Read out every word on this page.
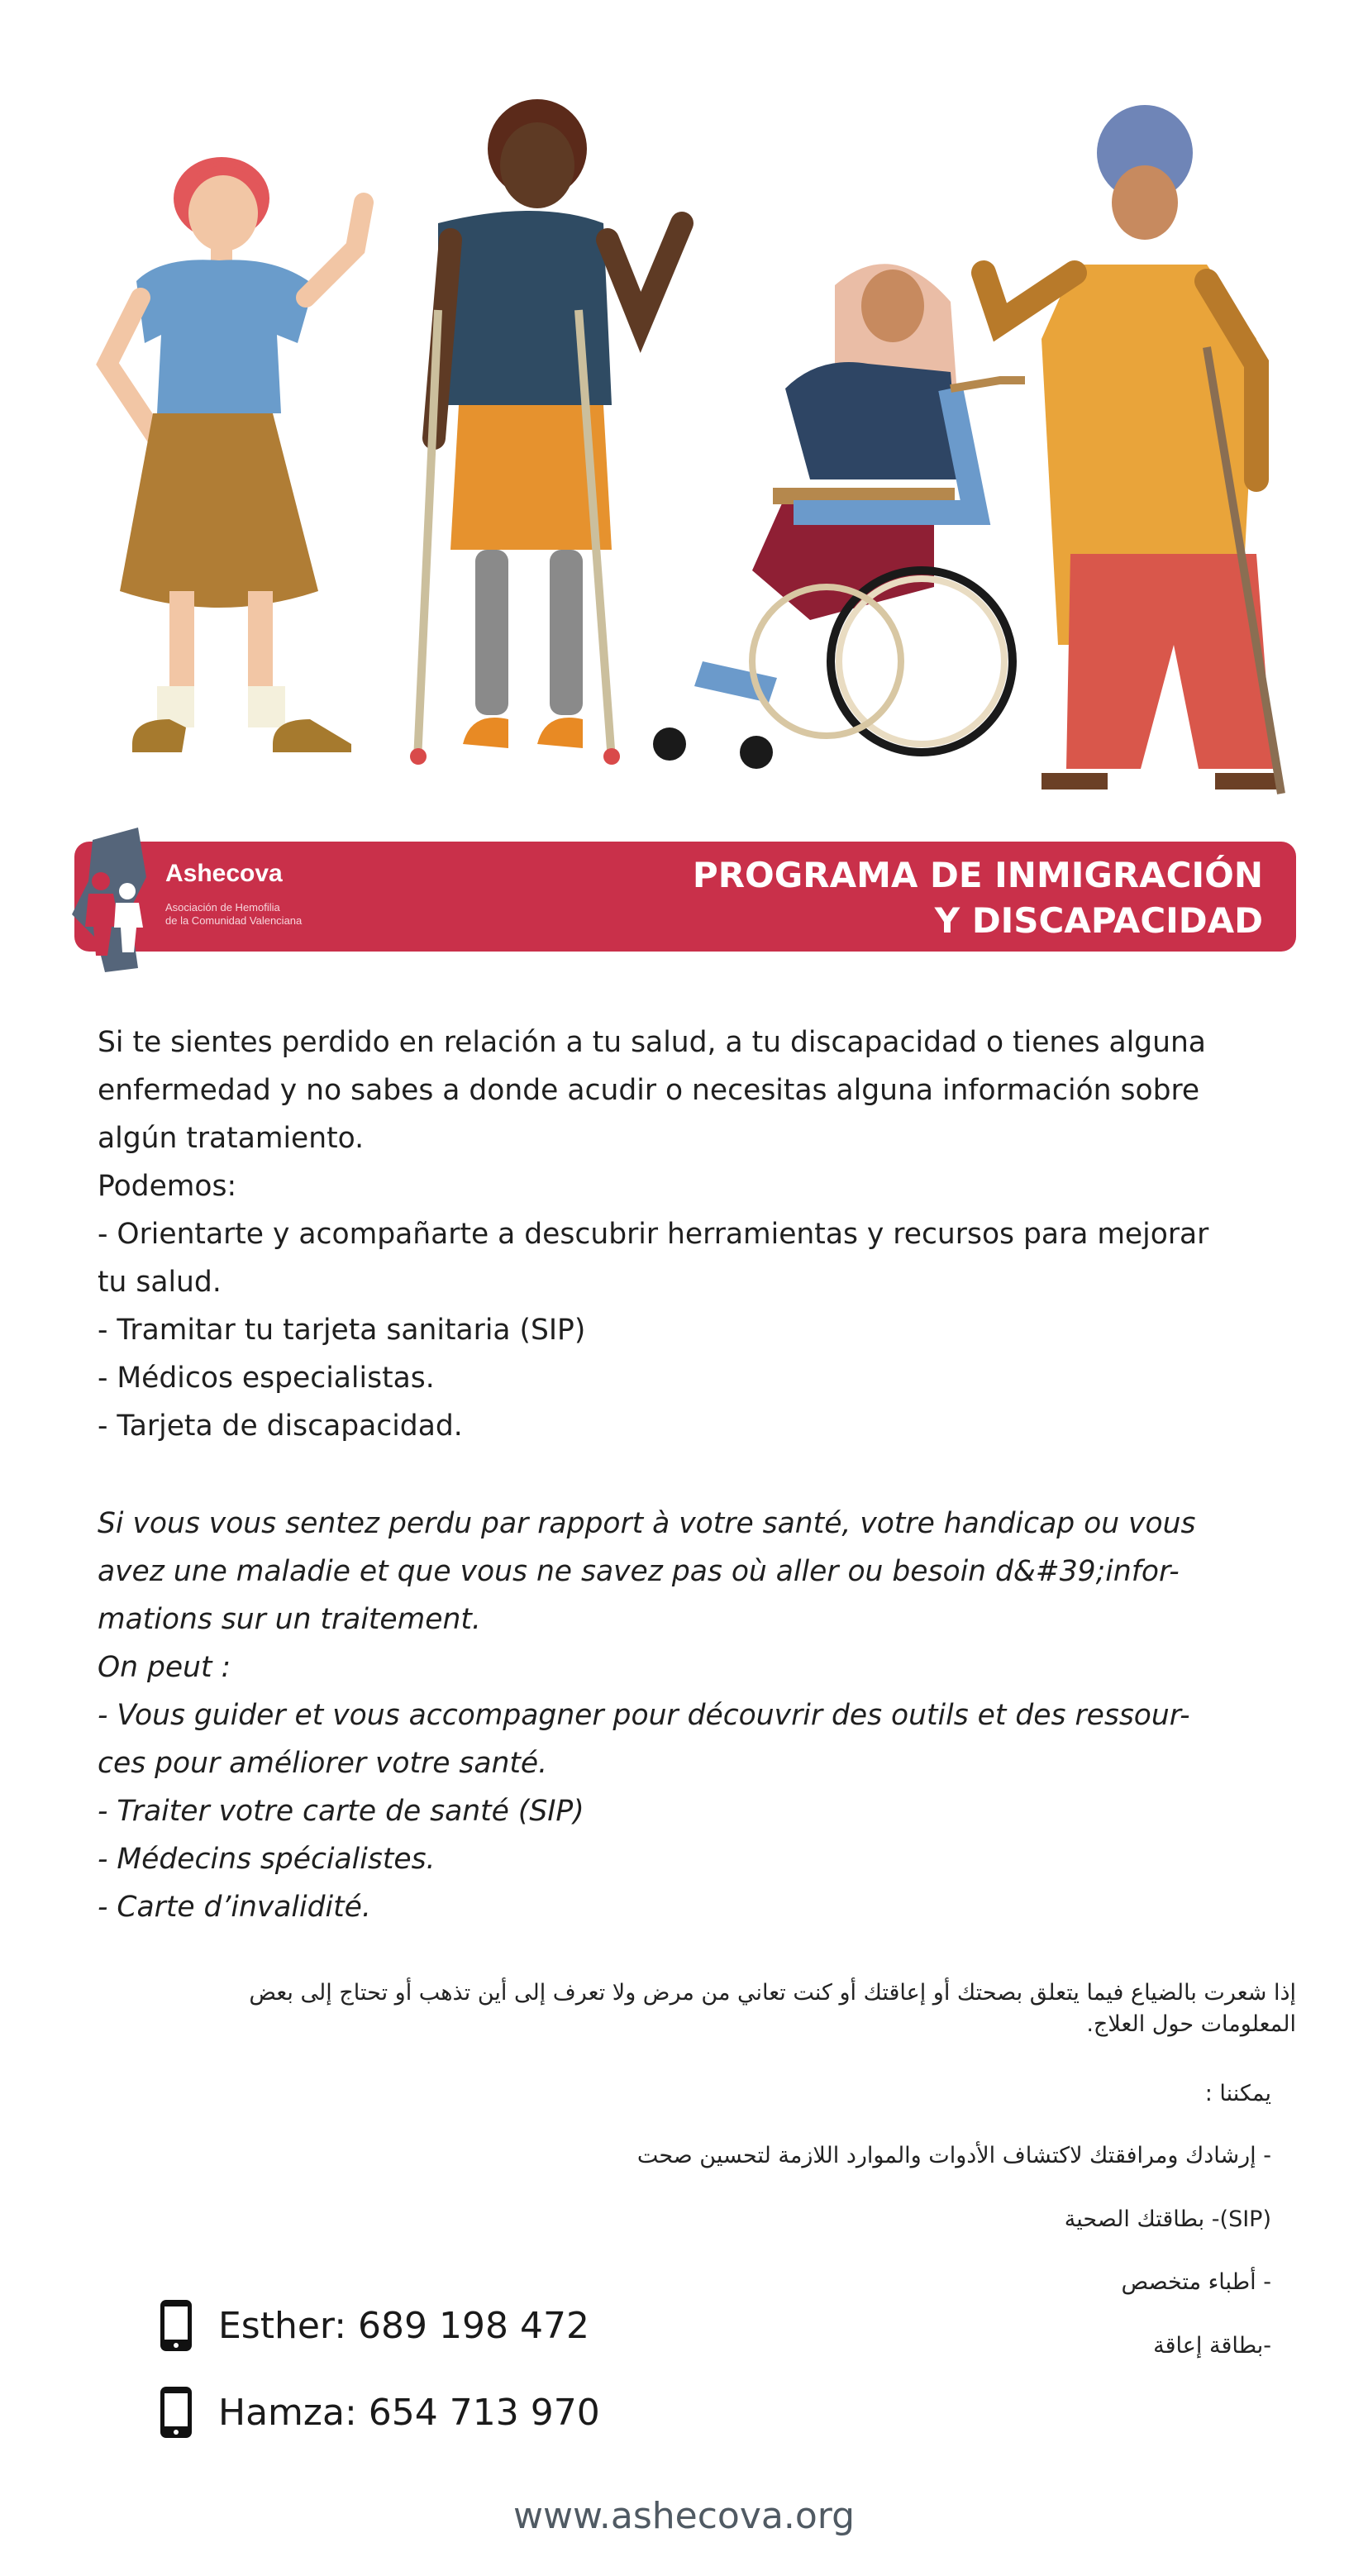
PROGRAMA DE INMIGRACIÓN
Y DISCAPACIDAD
Ashecova
Asociación de Hemofilia
de la Comunidad Valenciana
Si te sientes perdido en relación a tu salud, a tu discapacidad o tienes alguna
enfermedad y no sabes a donde acudir o necesitas alguna información sobre
algún tratamiento.
Podemos:
- Orientarte y acompañarte a descubrir herramientas y recursos para mejorar
tu salud.
- Tramitar tu tarjeta sanitaria (SIP)
- Médicos especialistas.
- Tarjeta de discapacidad.
Si vous vous sentez perdu par rapport à votre santé, votre handicap ou vous
avez une maladie et que vous ne savez pas où aller ou besoin d&#39;infor-
mations sur un traitement.
On peut :
- Vous guider et vous accompagner pour découvrir des outils et des ressour-
ces pour améliorer votre santé.
- Traiter votre carte de santé (SIP)
- Médecins spécialistes.
- Carte d’invalidité.
إذا شعرت بالضياع فيما يتعلق بصحتك أو إعاقتك أو كنت تعاني من مرض ولا تعرف إلى أين تذهب أو تحتاج إلى بعض
المعلومات حول العلاج.
يمكننا :
- إرشادك ومرافقتك لاكتشاف الأدوات والموارد اللازمة لتحسين صحت
(SIP)- بطاقتك الصحية
- أطباء متخصص
-بطاقة إعاقة
Esther: 689 198 472
Hamza: 654 713 970
www.ashecova.org
